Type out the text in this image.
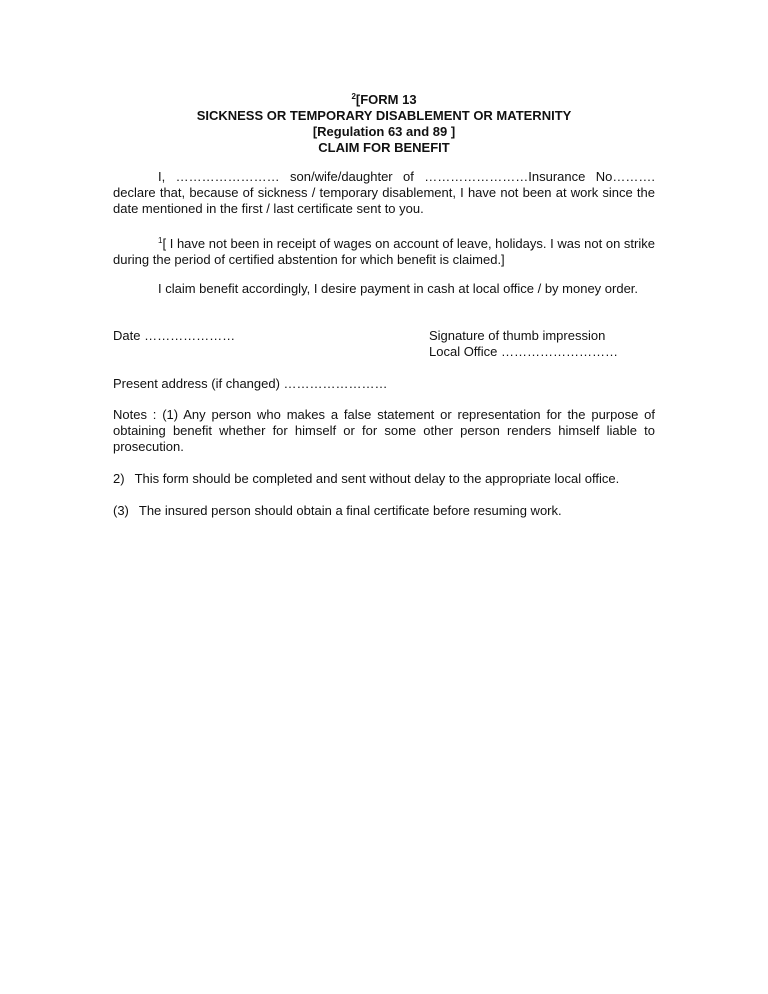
$^2$[FORM 13
SICKNESS OR TEMPORARY DISABLEMENT OR MATERNITY
[Regulation 63 and 89 ]
CLAIM FOR BENEFIT
I, …………………… son/wife/daughter of ……………………Insurance No………. declare that, because of sickness / temporary disablement, I have not been at work since the date mentioned in the first / last certificate sent to you.
$^1$[ I have not been in receipt of wages on account of leave, holidays. I was not on strike during the period of certified abstention for which benefit is claimed.]
I claim benefit accordingly, I desire payment in cash at local office / by money order.
Date …………………	Signature of thumb impression
Local Office ………………………
Present address (if changed) ……………………
Notes : (1) Any person who makes a false statement or representation for the purpose of obtaining benefit whether for himself or for some other person renders himself liable to prosecution.
2) This form should be completed and sent without delay to the appropriate local office.
(3) The insured person should obtain a final certificate before resuming work.
